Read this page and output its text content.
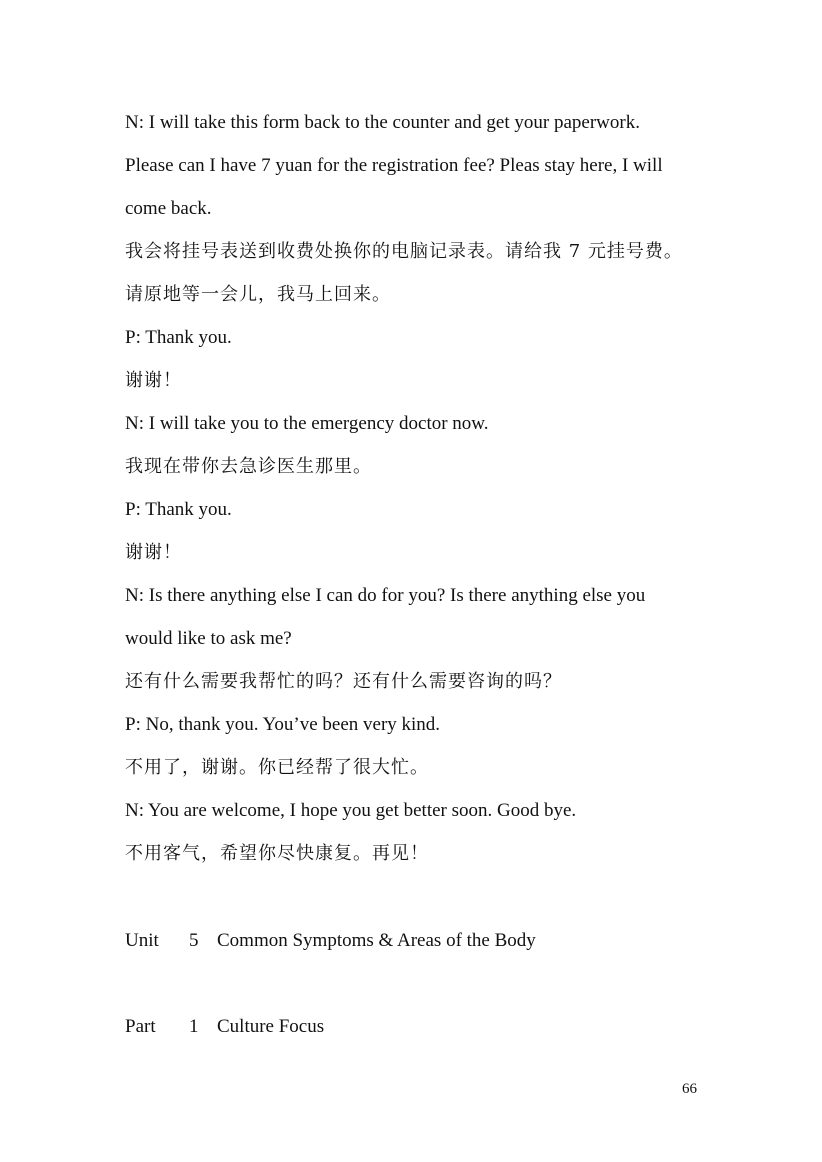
N: I will take this form back to the counter and get your paperwork.
Please can I have 7 yuan for the registration fee? Pleas stay here, I will
come back.
我会将挂号表送到收费处换你的电脑记录表。请给我 7 元挂号费。
请原地等一会儿，我马上回来。
P: Thank you.
谢谢！
N: I will take you to the emergency doctor now.
我现在带你去急诊医生那里。
P: Thank you.
谢谢！
N: Is there anything else I can do for you? Is there anything else you
would like to ask me?
还有什么需要我帮忙的吗？还有什么需要咨询的吗？
P: No, thank you. You’ve been very kind.
不用了，谢谢。你已经帮了很大忙。
N: You are welcome, I hope you get better soon. Good bye.
不用客气，希望你尽快康复。再见！
Unit 5 Common Symptoms & Areas of the Body
Part 1 Culture Focus
66
